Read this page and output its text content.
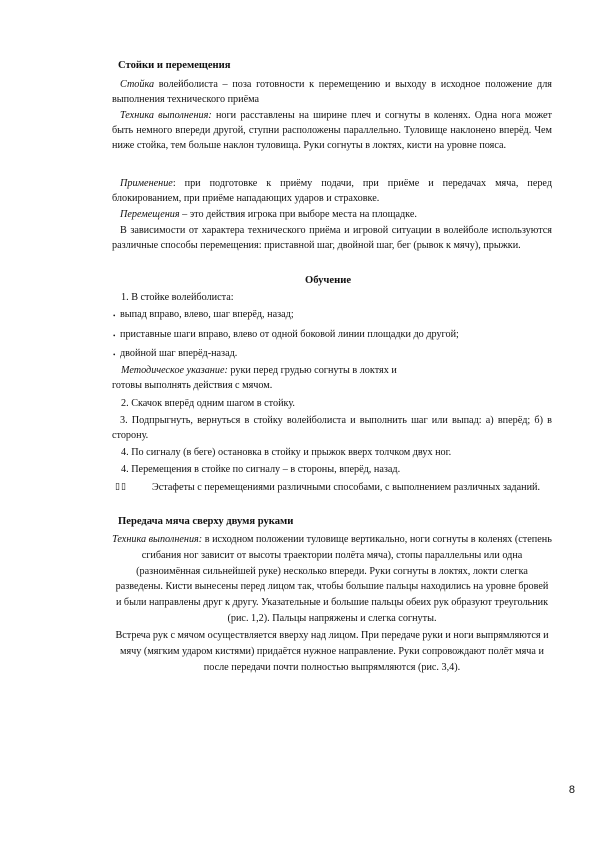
Стойки и перемещения

Стойка волейболиста – поза готовности к перемещению и выходу в исходное положение для выполнения технического приёма

Техника выполнения: ноги расставлены на ширине плеч и согнуты в коленях. Одна нога может быть немного впереди другой, ступни расположены параллельно. Туловище наклонено вперёд. Чем ниже стойка, тем больше наклон туловища. Руки согнуты в локтях, кисти на уровне пояса.

Применение: при подготовке к приёму подачи, при приёме и передачах мяча, перед блокированием, при приёме нападающих ударов и страховке.

Перемещения – это действия игрока при выборе места на площадке.

В зависимости от характера технического приёма и игровой ситуации в волейболе используются различные способы перемещения: приставной шаг, двойной шаг, бег (рывок к мячу), прыжки.

Обучение
1. В стойке волейболиста:
• выпад вправо, влево, шаг вперёд, назад;
• приставные шаги вправо, влево от одной боковой линии площадки до другой;
• двойной шаг вперёд-назад.
Методическое указание: руки перед грудью согнуты в локтях и
готовы выполнять действия с мячом.
2. Скачок вперёд одним шагом в стойку.

3. Подпрыгнуть, вернуться в стойку волейболиста и выполнить шаг или выпад: а) вперёд; б) в сторону.

4. По сигналу (в беге) остановка в стойку и прыжок вверх толчком двух ног.
4. Перемещения в стойке по сигналу – в стороны, вперёд, назад.
▯▯	Эстафеты с перемещениями различными способами, с выполнением различных заданий.

Передача мяча сверху двумя руками

Техника выполнения: в исходном положении туловище вертикально, ноги согнуты в коленях (степень сгибания ног зависит от высоты траектории полёта мяча), стопы параллельны или одна (разноимённая сильнейшей руке) несколько впереди. Руки согнуты в локтях, локти слегка разведены. Кисти вынесены перед лицом так, чтобы большие пальцы находились на уровне бровей и были направлены друг к другу. Указательные и большие пальцы обеих рук образуют треугольник (рис. 1,2). Пальцы напряжены и слегка согнуты.

Встреча рук с мячом осуществляется вверху над лицом. При передаче руки и ноги выпрямляются и мячу (мягким ударом кистями) придаётся нужное направление. Руки сопровождают полёт мяча и после передачи почти полностью выпрямляются (рис. 3,4).

8
